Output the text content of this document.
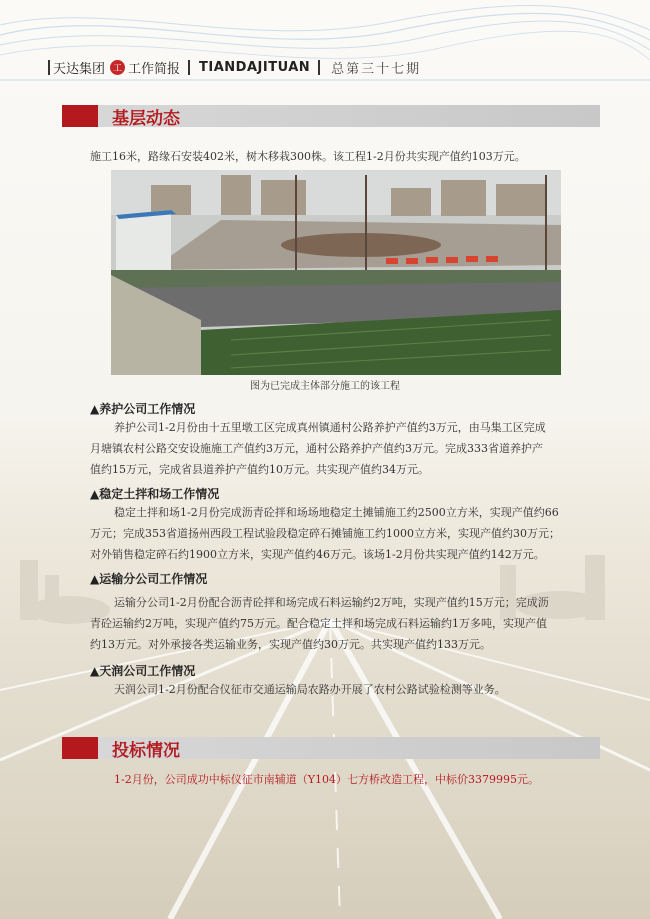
天达集团 工 工作简报 TIANDAJITUAN 总第三十七期
基层动态
施工16米，路缘石安装402米，树木移栽300株。该工程1-2月份共实现产值约103万元。
图为已完成主体部分施工的该工程
▲养护公司工作情况
养护公司1-2月份由十五里墩工区完成真州镇通村公路养护产值约3万元，由马集工区完成
月塘镇农村公路交安设施施工产值约3万元，通村公路养护产值约3万元。完成333省道养护产
值约15万元，完成省县道养护产值约10万元。共实现产值约34万元。
▲稳定土拌和场工作情况
稳定土拌和场1-2月份完成沥青砼拌和场场地稳定土摊铺施工约2500立方米，实现产值约66
万元；完成353省道扬州西段工程试验段稳定碎石摊铺施工约1000立方米，实现产值约30万元；
对外销售稳定碎石约1900立方米，实现产值约46万元。该场1-2月份共实现产值约142万元。
▲运输分公司工作情况
运输分公司1-2月份配合沥青砼拌和场完成石料运输约2万吨，实现产值约15万元；完成沥
青砼运输约2万吨，实现产值约75万元。配合稳定土拌和场完成石料运输约1万多吨，实现产值
约13万元。对外承接各类运输业务，实现产值约30万元。共实现产值约133万元。
▲天润公司工作情况
天润公司1-2月份配合仪征市交通运输局农路办开展了农村公路试验检测等业务。
投标情况
1-2月份，公司成功中标仪征市南辅道（Y104）七方桥改造工程，中标价3379995元。
